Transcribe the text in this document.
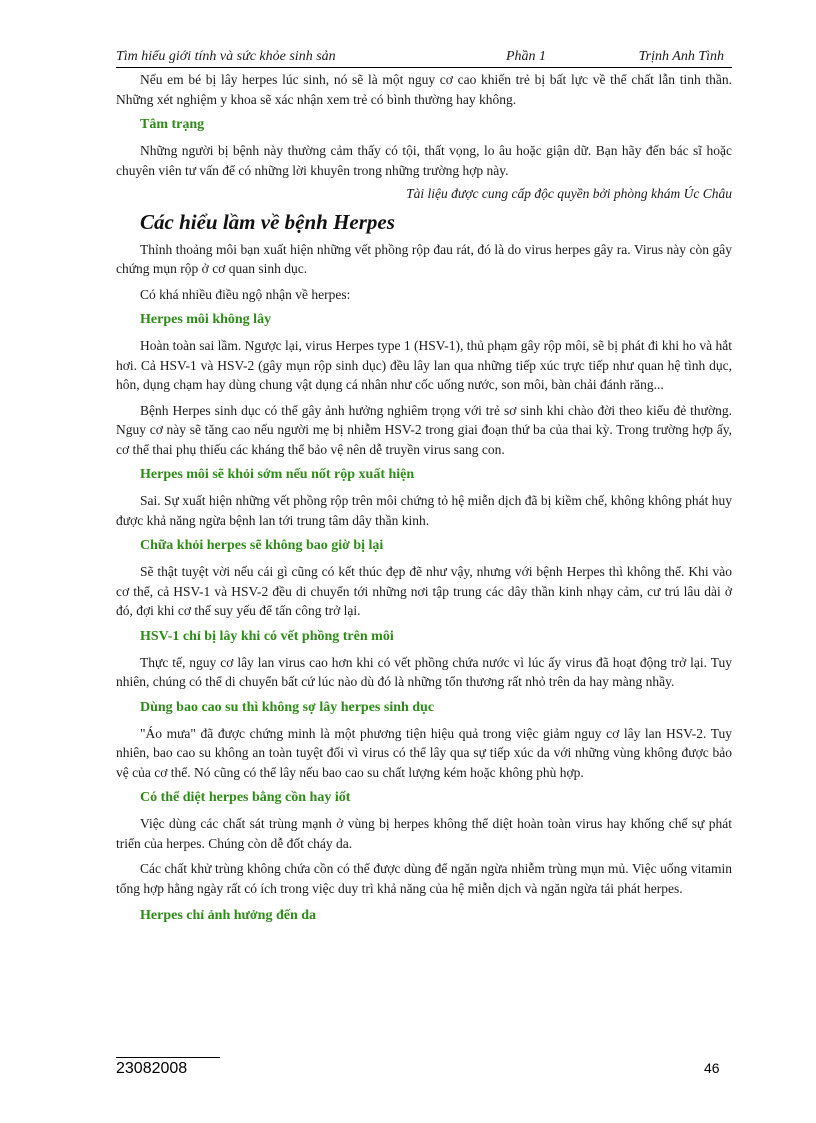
Tìm hiểu giới tính và sức khỏe sinh sản	Phần 1	Trịnh Anh Tình

Nếu em bé bị lây herpes lúc sinh, nó sẽ là một nguy cơ cao khiến trẻ bị bất lực về thể chất lẫn tinh thần. Những xét nghiệm y khoa sẽ xác nhận xem trẻ có bình thường hay không.

Tâm trạng

Những người bị bệnh này thường cảm thấy có tội, thất vọng, lo âu hoặc giận dữ. Bạn hãy đến bác sĩ hoặc chuyên viên tư vấn để có những lời khuyên trong những trường hợp này.

Tài liệu được cung cấp độc quyền bởi phòng khám Úc Châu

Các hiểu lầm về bệnh Herpes

Thỉnh thoảng môi bạn xuất hiện những vết phồng rộp đau rát, đó là do virus herpes gây ra. Virus này còn gây chứng mụn rộp ở cơ quan sinh dục.

Có khá nhiều điều ngộ nhận về herpes:

Herpes môi không lây

Hoàn toàn sai lầm. Ngược lại, virus Herpes type 1 (HSV-1), thủ phạm gây rộp môi, sẽ bị phát đi khi ho và hắt hơi. Cả HSV-1 và HSV-2 (gây mụn rộp sinh dục) đều lây lan qua những tiếp xúc trực tiếp như quan hệ tình dục, hôn, dụng chạm hay dùng chung vật dụng cá nhân như cốc uống nước, son môi, bàn chải đánh răng...

Bệnh Herpes sinh dục có thể gây ảnh hưởng nghiêm trọng với trẻ sơ sinh khi chào đời theo kiểu đẻ thường. Nguy cơ này sẽ tăng cao nếu người mẹ bị nhiễm HSV-2 trong giai đoạn thứ ba của thai kỳ. Trong trường hợp ấy, cơ thể thai phụ thiếu các kháng thể bảo vệ nên dễ truyền virus sang con.

Herpes môi sẽ khỏi sớm nếu nốt rộp xuất hiện

Sai. Sự xuất hiện những vết phồng rộp trên môi chứng tỏ hệ miễn dịch đã bị kiềm chế, không không phát huy được khả năng ngừa bệnh lan tới trung tâm dây thần kinh.

Chữa khỏi herpes sẽ không bao giờ bị lại

Sẽ thật tuyệt vời nếu cái gì cũng có kết thúc đẹp đẽ như vậy, nhưng với bệnh Herpes thì không thể. Khi vào cơ thể, cả HSV-1 và HSV-2 đều di chuyển tới những nơi tập trung các dây thần kinh nhạy cảm, cư trú lâu dài ở đó, đợi khi cơ thể suy yếu để tấn công trở lại.

HSV-1 chỉ bị lây khi có vết phồng trên môi

Thực tế, nguy cơ lây lan virus cao hơn khi có vết phồng chứa nước vì lúc ấy virus đã hoạt động trở lại. Tuy nhiên, chúng có thể di chuyển bất cứ lúc nào dù đó là những tổn thương rất nhỏ trên da hay màng nhầy.

Dùng bao cao su thì không sợ lây herpes sinh dục

"Áo mưa" đã được chứng minh là một phương tiện hiệu quả trong việc giảm nguy cơ lây lan HSV-2. Tuy nhiên, bao cao su không an toàn tuyệt đối vì virus có thể lây qua sự tiếp xúc da với những vùng không được bảo vệ của cơ thể. Nó cũng có thể lây nếu bao cao su chất lượng kém hoặc không phù hợp.

Có thể diệt herpes bằng cồn hay iốt

Việc dùng các chất sát trùng mạnh ở vùng bị herpes không thể diệt hoàn toàn virus hay khống chế sự phát triển của herpes. Chúng còn dễ đốt cháy da.

Các chất khử trùng không chứa cồn có thể được dùng để ngăn ngừa nhiễm trùng mụn mủ. Việc uống vitamin tổng hợp hằng ngày rất có ích trong việc duy trì khả năng của hệ miễn dịch và ngăn ngừa tái phát herpes.

Herpes chỉ ảnh hưởng đến da
23082008	46
